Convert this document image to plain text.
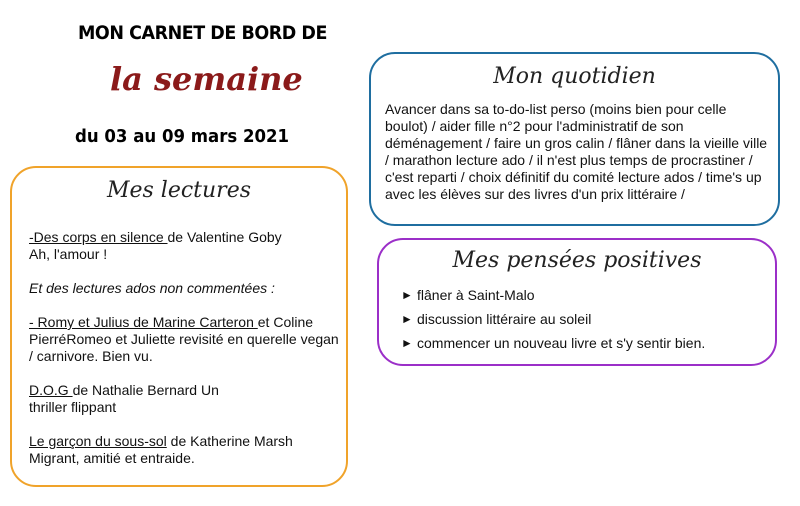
MON CARNET DE BORD DE
la semaine
du 03 au 09 mars 2021
Mes lectures
-Des corps en silence de Valentine Goby
Ah, l'amour !
Et des lectures ados non commentées :
- Romy et Julius de Marine Carteron et Coline PierréRomeo et Juliette revisité en querelle vegan / carnivore. Bien vu.
D.O.G de Nathalie Bernard Un thriller flippant
Le garçon du sous-sol de Katherine Marsh
Migrant, amitié et entraide.
Mon quotidien
Avancer dans sa to-do-list perso (moins bien pour celle boulot) / aider fille n°2 pour l'administratif de son déménagement / faire un gros calin / flâner dans la vieille ville / marathon lecture ado / il n'est plus temps de procrastiner / c'est reparti / choix définitif du comité lecture ados / time's up avec les élèves sur des livres d'un prix littéraire /
Mes pensées positives
► flâner à Saint-Malo
► discussion littéraire au soleil
► commencer un nouveau livre et s'y sentir bien.
